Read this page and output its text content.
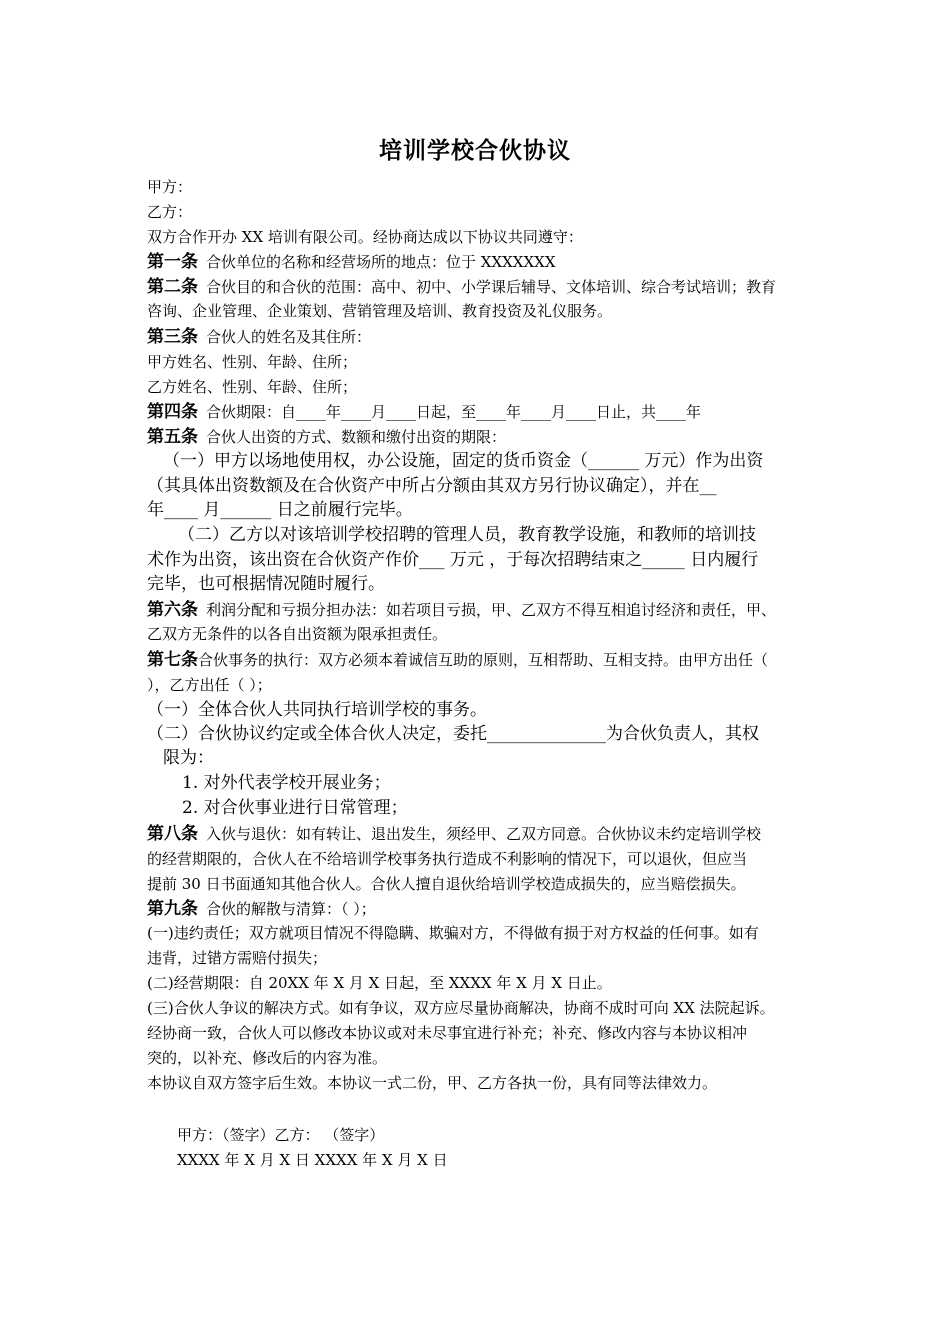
培训学校合伙协议
甲方：
乙方：
双方合作开办 XX 培训有限公司。经协商达成以下协议共同遵守：
第一条 合伙单位的名称和经营场所的地点：位于 XXXXXXX
第二条 合伙目的和合伙的范围：高中、初中、小学课后辅导、文体培训、综合考试培训；教育
咨询、企业管理、企业策划、营销管理及培训、教育投资及礼仪服务。
第三条 合伙人的姓名及其住所：
甲方姓名、性别、年龄、住所；
乙方姓名、性别、年龄、住所；
第四条 合伙期限：自____年____月____日起，至____年____月____日止，共____年
第五条 合伙人出资的方式、数额和缴付出资的期限：
（一）甲方以场地使用权，办公设施，固定的货币资金（______ 万元）作为出资
（其具体出资数额及在合伙资产中所占分额由其双方另行协议确定），并在__
年____ 月______ 日之前履行完毕。
（二）乙方以对该培训学校招聘的管理人员，教育教学设施，和教师的培训技
术作为出资，该出资在合伙资产作价___ 万元 ，于每次招聘结束之_____ 日内履行
完毕，也可根据情况随时履行。
第六条 利润分配和亏损分担办法：如若项目亏损，甲、乙双方不得互相追讨经济和责任，甲、
乙双方无条件的以各自出资额为限承担责任。
第七条合伙事务的执行：双方必须本着诚信互助的原则，互相帮助、互相支持。由甲方出任（
），乙方出任（ ）；
（一）全体合伙人共同执行培训学校的事务。
（二）合伙协议约定或全体合伙人决定，委托______________为合伙负责人，其权
限为：
1. 对外代表学校开展业务；
2. 对合伙事业进行日常管理；
第八条 入伙与退伙：如有转让、退出发生，须经甲、乙双方同意。合伙协议未约定培训学校
的经营期限的，合伙人在不给培训学校事务执行造成不利影响的情况下，可以退伙，但应当
提前 30 日书面通知其他合伙人。合伙人擅自退伙给培训学校造成损失的，应当赔偿损失。
第九条 合伙的解散与清算：（ ）；
(一)违约责任；双方就项目情况不得隐瞒、欺骗对方，不得做有损于对方权益的任何事。如有
违背，过错方需赔付损失；
(二)经营期限：自 20XX 年 X 月 X 日起，至 XXXX 年 X 月 X 日止。
(三)合伙人争议的解决方式。如有争议，双方应尽量协商解决，协商不成时可向 XX 法院起诉。
经协商一致，合伙人可以修改本协议或对未尽事宜进行补充；补充、修改内容与本协议相冲
突的，以补充、修改后的内容为准。
本协议自双方签字后生效。本协议一式二份，甲、乙方各执一份，具有同等法律效力。
甲方：（签字）乙方： （签字）
XXXX 年 X 月 X 日 XXXX 年 X 月 X 日
